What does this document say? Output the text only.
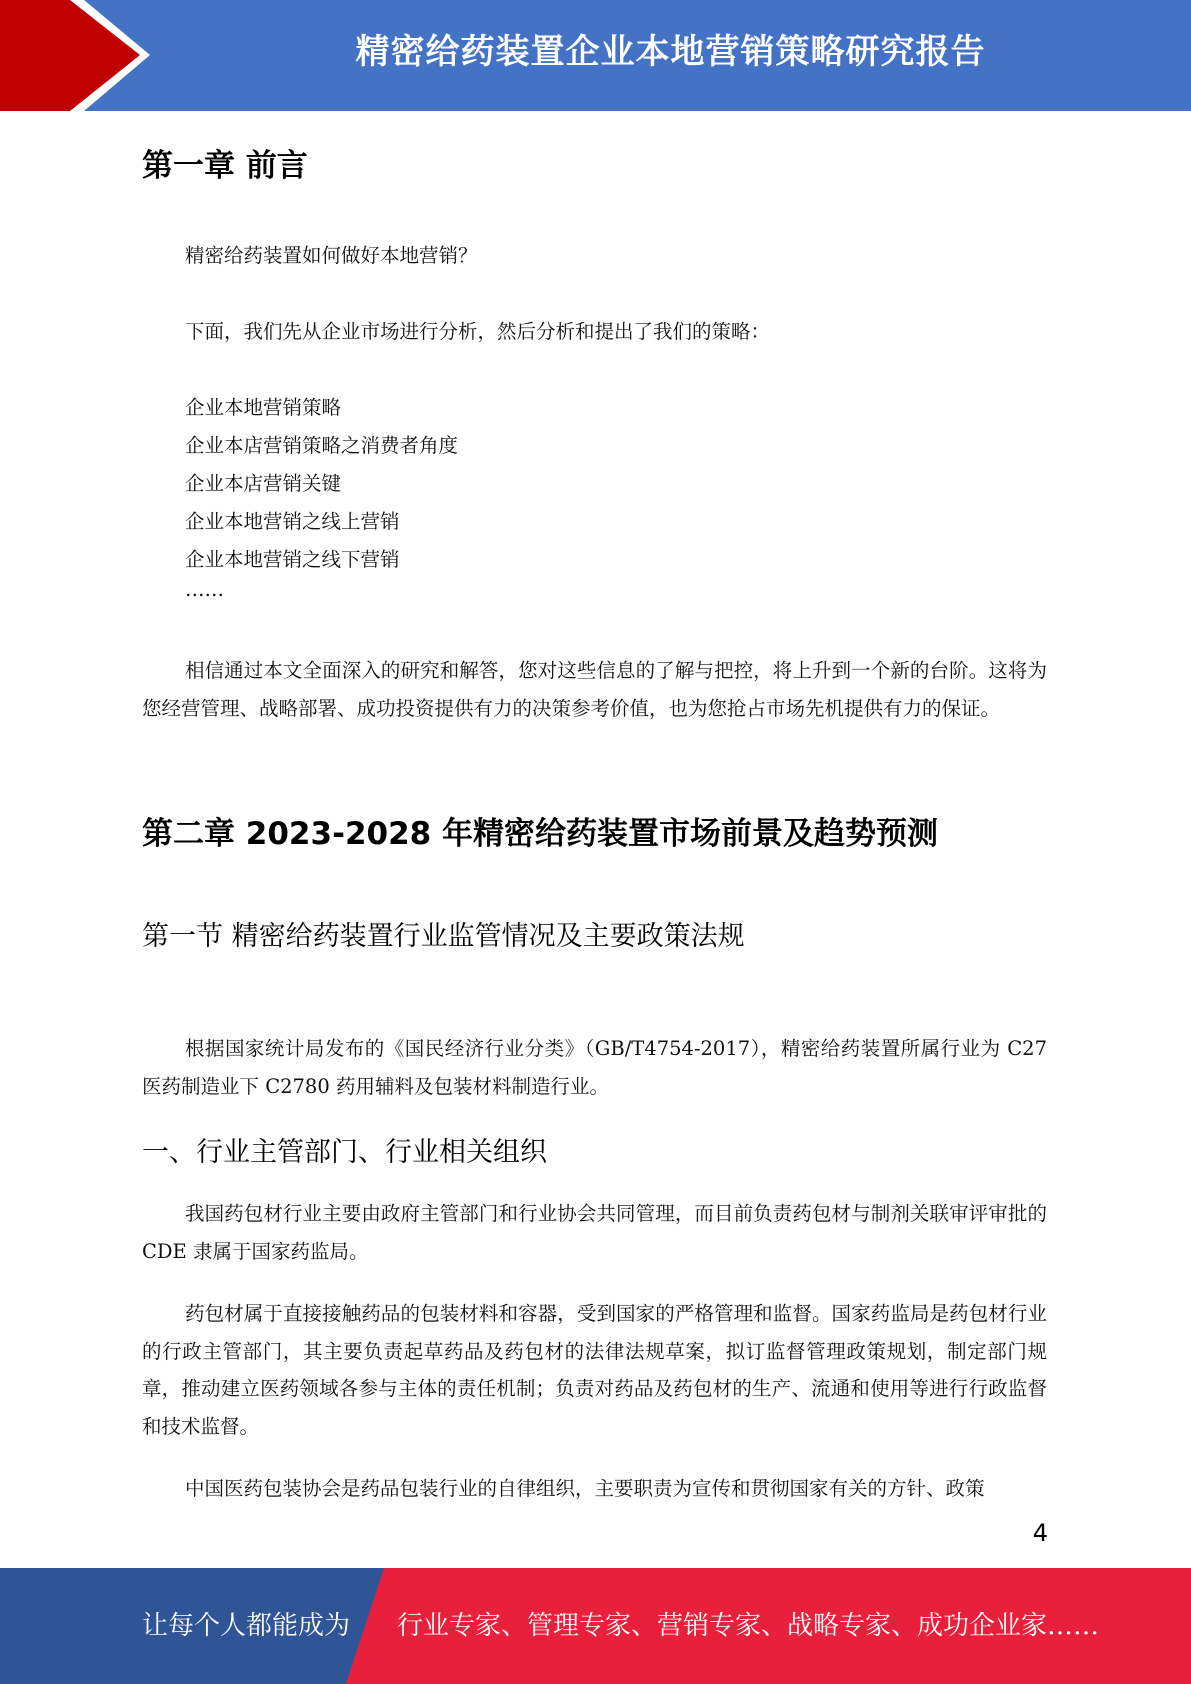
精密给药装置企业本地营销策略研究报告
第一章 前言
精密给药装置如何做好本地营销？
下面，我们先从企业市场进行分析，然后分析和提出了我们的策略：
企业本地营销策略
企业本店营销策略之消费者角度
企业本店营销关键
企业本地营销之线上营销
企业本地营销之线下营销
……
相信通过本文全面深入的研究和解答，您对这些信息的了解与把控，将上升到一个新的台阶。这将为您经营管理、战略部署、成功投资提供有力的决策参考价值，也为您抢占市场先机提供有力的保证。
第二章 2023-2028 年精密给药装置市场前景及趋势预测
第一节 精密给药装置行业监管情况及主要政策法规
根据国家统计局发布的《国民经济行业分类》（GB/T4754-2017），精密给药装置所属行业为 C27 医药制造业下 C2780 药用辅料及包装材料制造行业。
一、行业主管部门、行业相关组织
我国药包材行业主要由政府主管部门和行业协会共同管理，而目前负责药包材与制剂关联审评审批的 CDE 隶属于国家药监局。
药包材属于直接接触药品的包装材料和容器，受到国家的严格管理和监督。国家药监局是药包材行业的行政主管部门，其主要负责起草药品及药包材的法律法规草案，拟订监督管理政策规划，制定部门规章，推动建立医药领域各参与主体的责任机制；负责对药品及药包材的生产、流通和使用等进行行政监督和技术监督。
中国医药包装协会是药品包装行业的自律组织，主要职责为宣传和贯彻国家有关的方针、政策
4
让每个人都能成为 行业专家、管理专家、营销专家、战略专家、成功企业家……
